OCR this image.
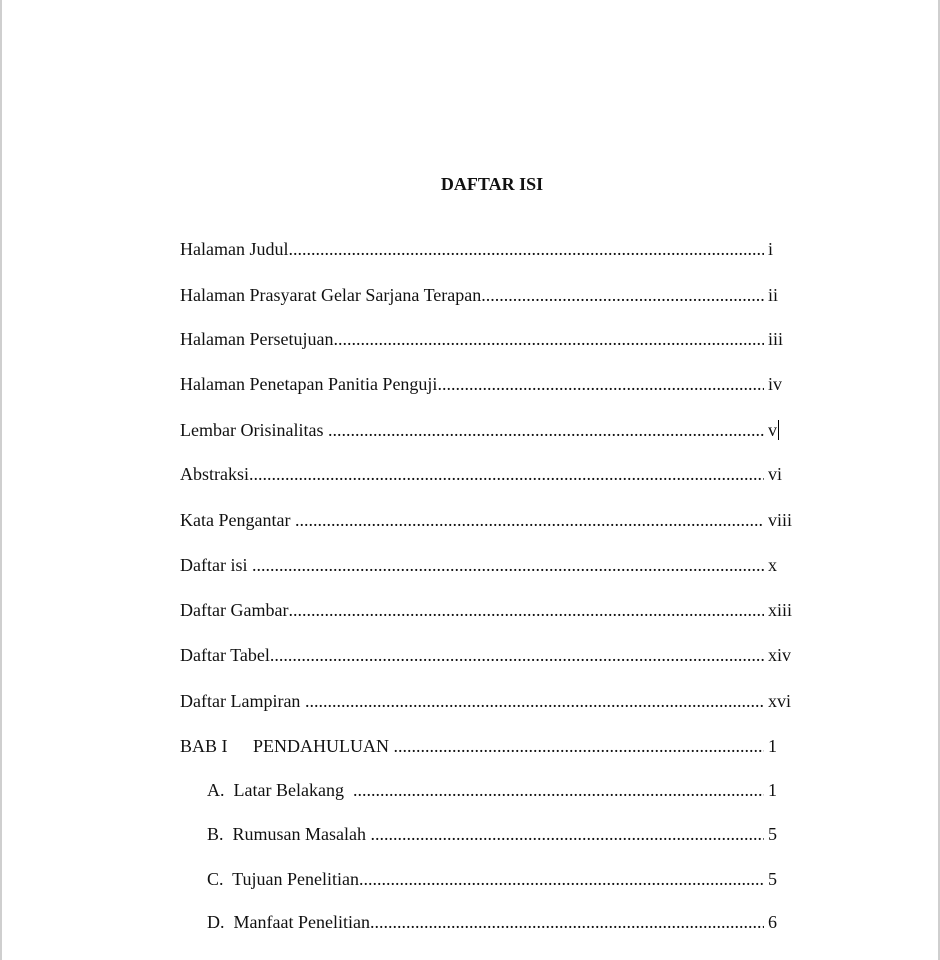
DAFTAR ISI
Halaman Judul .....	i
Halaman Prasyarat Gelar Sarjana Terapan .....	ii
Halaman Persetujuan .....	iii
Halaman Penetapan Panitia Penguji .....	iv
Lembar Orisinalitas .....	v
Abstraksi .....	vi
Kata Pengantar .....	viii
Daftar isi .....	x
Daftar Gambar .....	xiii
Daftar Tabel .....	xiv
Daftar Lampiran .....	xvi
BAB I PENDAHULUAN .....	1
A.  Latar Belakang .....	1
B.  Rumusan Masalah .....	5
C.  Tujuan Penelitian .....	5
D.  Manfaat Penelitian .....	6
